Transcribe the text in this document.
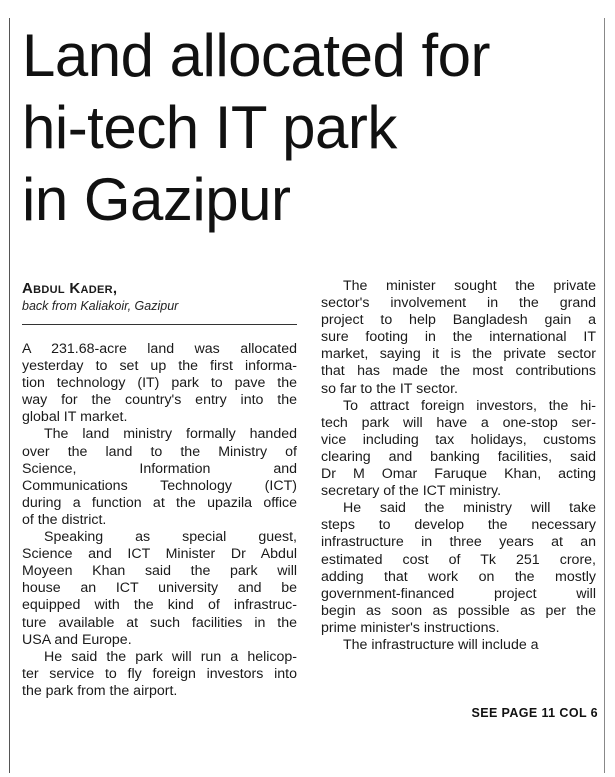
Land allocated for
hi-tech IT park
in Gazipur
Abdul Kader,
back from Kaliakoir, Gazipur

A 231.68-acre land was allocated
yesterday to set up the first informa-
tion technology (IT) park to pave the
way for the country's entry into the
global IT market.

The land ministry formally handed
over the land to the Ministry of
Science, Information and
Communications Technology (ICT)
during a function at the upazila office
of the district.

Speaking as special guest,
Science and ICT Minister Dr Abdul
Moyeen Khan said the park will
house an ICT university and be
equipped with the kind of infrastruc-
ture available at such facilities in the
USA and Europe.

He said the park will run a helicop-
ter service to fly foreign investors into
the park from the airport.

The minister sought the private
sector's involvement in the grand
project to help Bangladesh gain a
sure footing in the international IT
market, saying it is the private sector
that has made the most contributions
so far to the IT sector.

To attract foreign investors, the hi-
tech park will have a one-stop ser-
vice including tax holidays, customs
clearing and banking facilities, said
Dr M Omar Faruque Khan, acting
secretary of the ICT ministry.

He said the ministry will take
steps to develop the necessary
infrastructure in three years at an
estimated cost of Tk 251 crore,
adding that work on the mostly
government-financed project will
begin as soon as possible as per the
prime minister's instructions.

The infrastructure will include a

SEE PAGE 11 COL 6
